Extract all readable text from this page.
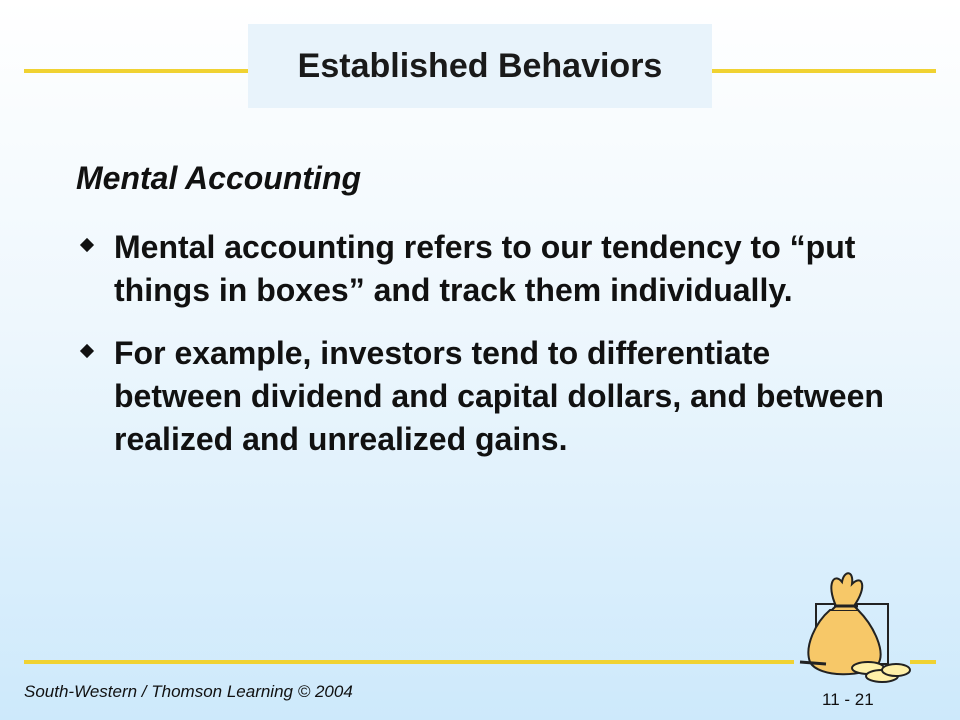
Established Behaviors
Mental Accounting
Mental accounting refers to our tendency to “put things in boxes” and track them individually.
For example, investors tend to differentiate between dividend and capital dollars, and between realized and unrealized gains.
South-Western / Thomson Learning © 2004	11 - 21
